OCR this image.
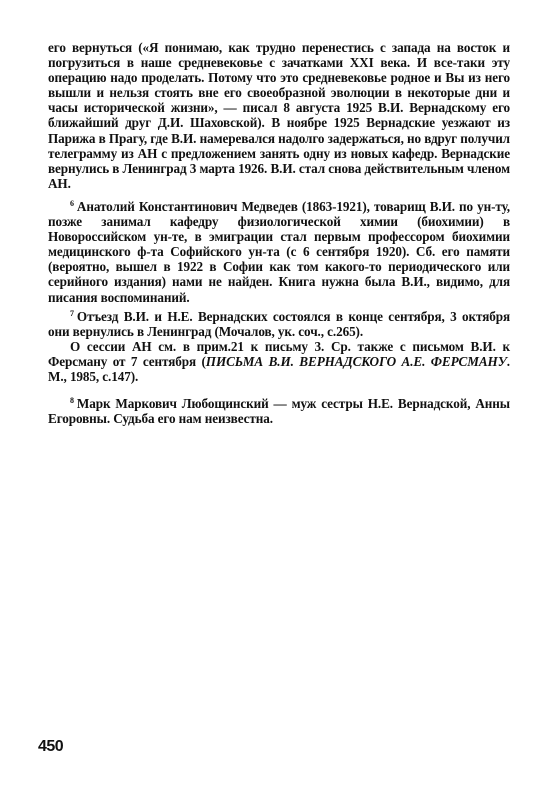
его вернуться («Я понимаю, как трудно перенестись с запада на восток и погрузиться в наше средневековье с зачатками XXI века. И все-таки эту операцию надо проделать. Потому что это средневековье родное и Вы из него вышли и нельзя стоять вне его своеобразной эволюции в некоторые дни и часы исторической жизни», — писал 8 августа 1925 В.И. Вернадскому его ближайший друг Д.И. Шаховской). В ноябре 1925 Вернадские уезжают из Парижа в Прагу, где В.И. намеревался надолго задержаться, но вдруг получил телеграмму из АН с предложением занять одну из новых кафедр. Вернадские вернулись в Ленинград 3 марта 1926. В.И. стал снова действительным членом АН.

$^6$ Анатолий Константинович Медведев (1863-1921), товарищ В.И. по ун-ту, позже занимал кафедру физиологической химии (биохимии) в Новороссийском ун-те, в эмиграции стал первым профессором биохимии медицинского ф-та Софийского ун-та (с 6 сентября 1920). Сб. его памяти (вероятно, вышел в 1922 в Софии как том какого-то периодического или серийного издания) нами не найден. Книга нужна была В.И., видимо, для писания воспоминаний.

$^7$ Отъезд В.И. и Н.Е. Вернадских состоялся в конце сентября, 3 октября они вернулись в Ленинград (Мочалов, ук. соч., с.265).

О сессии АН см. в прим.21 к письму 3. Ср. также с письмом В.И. к Ферсману от 7 сентября (ПИСЬМА В.И. ВЕРНАДСКОГО А.Е. ФЕРСМАНУ. М., 1985, с.147).

$^8$ Марк Маркович Любощинский — муж сестры Н.Е. Вернадской, Анны Егоровны. Судьба его нам неизвестна.

450
